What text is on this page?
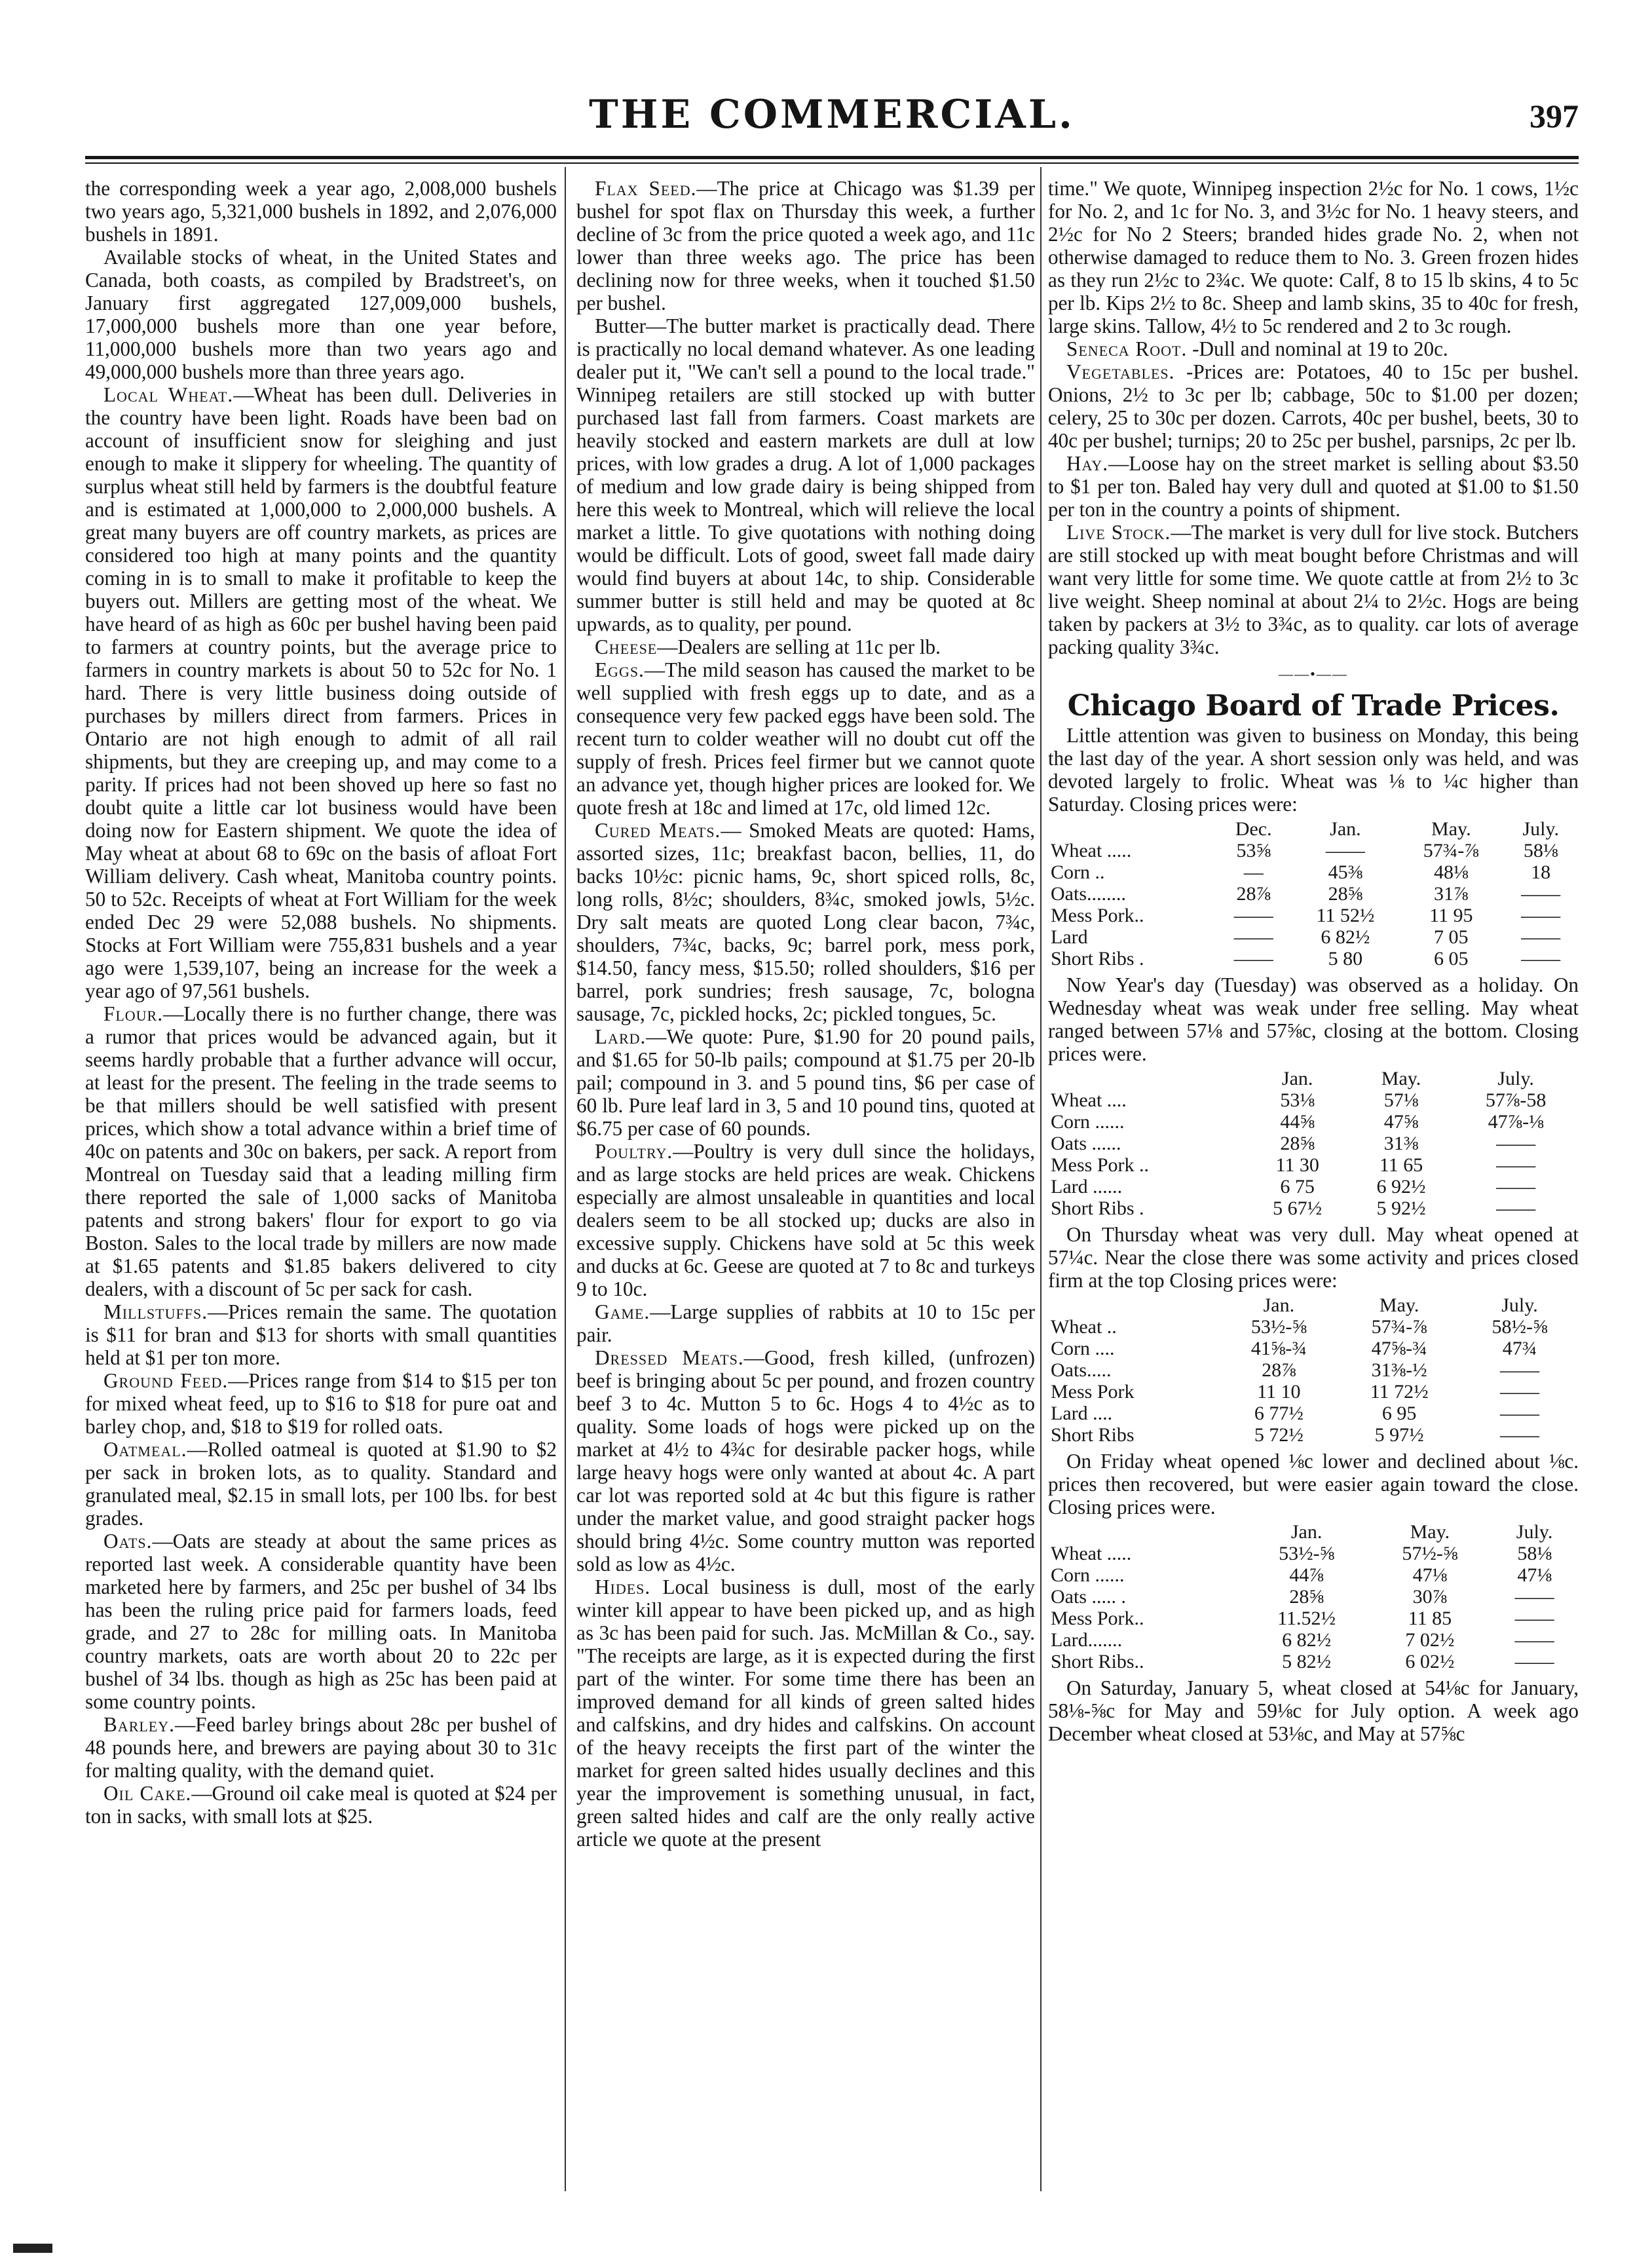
THE COMMERCIAL.	397

the corresponding week a year ago, 2,008,000 bushels two years ago, 5,321,000 bushels in 1892, and 2,076,000 bushels in 1891.

Available stocks of wheat, in the United States and Canada, both coasts, as compiled by Bradstreet's, on January first aggregated 127,009,000 bushels, 17,000,000 bushels more than one year before, 11,000,000 bushels more than two years ago and 49,000,000 bushels more than three years ago.

Local Wheat.—Wheat has been dull. Deliveries in the country have been light. Roads have been bad on account of insufficient snow for sleighing and just enough to make it slippery for wheeling. The quantity of surplus wheat still held by farmers is the doubtful feature and is estimated at 1,000,000 to 2,000,000 bushels. A great many buyers are off country markets, as prices are considered too high at many points and the quantity coming in is to small to make it profitable to keep the buyers out. Millers are getting most of the wheat. We have heard of as high as 60c per bushel having been paid to farmers at country points, but the average price to farmers in country markets is about 50 to 52c for No. 1 hard. There is very little business doing outside of purchases by millers direct from farmers. Prices in Ontario are not high enough to admit of all rail shipments, but they are creeping up, and may come to a parity. If prices had not been shoved up here so fast no doubt quite a little car lot business would have been doing now for Eastern shipment. We quote the idea of May wheat at about 68 to 69c on the basis of afloat Fort William delivery. Cash wheat, Manitoba country points. 50 to 52c. Receipts of wheat at Fort William for the week ended Dec 29 were 52,088 bushels. No shipments. Stocks at Fort William were 755,831 bushels and a year ago were 1,539,107, being an increase for the week a year ago of 97,561 bushels.

Flour.—Locally there is no further change, there was a rumor that prices would be advanced again, but it seems hardly probable that a further advance will occur, at least for the present. The feeling in the trade seems to be that millers should be well satisfied with present prices, which show a total advance within a brief time of 40c on patents and 30c on bakers, per sack. A report from Montreal on Tuesday said that a leading milling firm there reported the sale of 1,000 sacks of Manitoba patents and strong bakers' flour for export to go via Boston. Sales to the local trade by millers are now made at $1.65 patents and $1.85 bakers delivered to city dealers, with a discount of 5c per sack for cash.

Millstuffs.—Prices remain the same. The quotation is $11 for bran and $13 for shorts with small quantities held at $1 per ton more.

Ground Feed.—Prices range from $14 to $15 per ton for mixed wheat feed, up to $16 to $18 for pure oat and barley chop, and, $18 to $19 for rolled oats.

Oatmeal.—Rolled oatmeal is quoted at $1.90 to $2 per sack in broken lots, as to quality. Standard and granulated meal, $2.15 in small lots, per 100 lbs. for best grades.

Oats.—Oats are steady at about the same prices as reported last week. A considerable quantity have been marketed here by farmers, and 25c per bushel of 34 lbs has been the ruling price paid for farmers loads, feed grade, and 27 to 28c for milling oats. In Manitoba country markets, oats are worth about 20 to 22c per bushel of 34 lbs. though as high as 25c has been paid at some country points.

Barley.—Feed barley brings about 28c per bushel of 48 pounds here, and brewers are paying about 30 to 31c for malting quality, with the demand quiet.

Oil Cake.—Ground oil cake meal is quoted at $24 per ton in sacks, with small lots at $25.

Flax Seed.—The price at Chicago was $1.39 per bushel for spot flax on Thursday this week, a further decline of 3c from the price quoted a week ago, and 11c lower than three weeks ago. The price has been declining now for three weeks, when it touched $1.50 per bushel.

Butter—The butter market is practically dead. There is practically no local demand whatever. As one leading dealer put it, "We can't sell a pound to the local trade." Winnipeg retailers are still stocked up with butter purchased last fall from farmers. Coast markets are heavily stocked and eastern markets are dull at low prices, with low grades a drug. A lot of 1,000 packages of medium and low grade dairy is being shipped from here this week to Montreal, which will relieve the local market a little. To give quotations with nothing doing would be difficult. Lots of good, sweet fall made dairy would find buyers at about 14c, to ship. Considerable summer butter is still held and may be quoted at 8c upwards, as to quality, per pound.

Cheese—Dealers are selling at 11c per lb.

Eggs.—The mild season has caused the market to be well supplied with fresh eggs up to date, and as a consequence very few packed eggs have been sold. The recent turn to colder weather will no doubt cut off the supply of fresh. Prices feel firmer but we cannot quote an advance yet, though higher prices are looked for. We quote fresh at 18c and limed at 17c, old limed 12c.

Cured Meats.— Smoked Meats are quoted: Hams, assorted sizes, 11c; breakfast bacon, bellies, 11, do backs 10½c: picnic hams, 9c, short spiced rolls, 8c, long rolls, 8½c; shoulders, 8¾c, smoked jowls, 5½c. Dry salt meats are quoted Long clear bacon, 7¾c, shoulders, 7¾c, backs, 9c; barrel pork, mess pork, $14.50, fancy mess, $15.50; rolled shoulders, $16 per barrel, pork sundries; fresh sausage, 7c, bologna sausage, 7c, pickled hocks, 2c; pickled tongues, 5c.

Lard.—We quote: Pure, $1.90 for 20 pound pails, and $1.65 for 50-lb pails; compound at $1.75 per 20-lb pail; compound in 3. and 5 pound tins, $6 per case of 60 lb. Pure leaf lard in 3, 5 and 10 pound tins, quoted at $6.75 per case of 60 pounds.

Poultry.—Poultry is very dull since the holidays, and as large stocks are held prices are weak. Chickens especially are almost unsaleable in quantities and local dealers seem to be all stocked up; ducks are also in excessive supply. Chickens have sold at 5c this week and ducks at 6c. Geese are quoted at 7 to 8c and turkeys 9 to 10c.

Game.—Large supplies of rabbits at 10 to 15c per pair.

Dressed Meats.—Good, fresh killed, (unfrozen) beef is bringing about 5c per pound, and frozen country beef 3 to 4c. Mutton 5 to 6c. Hogs 4 to 4½c as to quality. Some loads of hogs were picked up on the market at 4½ to 4¾c for desirable packer hogs, while large heavy hogs were only wanted at about 4c. A part car lot was reported sold at 4c but this figure is rather under the market value, and good straight packer hogs should bring 4½c. Some country mutton was reported sold as low as 4½c.

Hides. Local business is dull, most of the early winter kill appear to have been picked up, and as high as 3c has been paid for such. Jas. McMillan & Co., say. "The receipts are large, as it is expected during the first part of the winter. For some time there has been an improved demand for all kinds of green salted hides and calfskins, and dry hides and calfskins. On account of the heavy receipts the first part of the winter the market for green salted hides usually declines and this year the improvement is something unusual, in fact, green salted hides and calf are the only really active article we quote at the present

time." We quote, Winnipeg inspection 2½c for No. 1 cows, 1½c for No. 2, and 1c for No. 3, and 3½c for No. 1 heavy steers, and 2½c for No 2 Steers; branded hides grade No. 2, when not otherwise damaged to reduce them to No. 3. Green frozen hides as they run 2½c to 2¾c. We quote: Calf, 8 to 15 lb skins, 4 to 5c per lb. Kips 2½ to 8c. Sheep and lamb skins, 35 to 40c for fresh, large skins. Tallow, 4½ to 5c rendered and 2 to 3c rough.

Seneca Root. -Dull and nominal at 19 to 20c.

Vegetables. -Prices are: Potatoes, 40 to 15c per bushel. Onions, 2½ to 3c per lb; cabbage, 50c to $1.00 per dozen; celery, 25 to 30c per dozen. Carrots, 40c per bushel, beets, 30 to 40c per bushel; turnips; 20 to 25c per bushel, parsnips, 2c per lb.

Hay.—Loose hay on the street market is selling about $3.50 to $1 per ton. Baled hay very dull and quoted at $1.00 to $1.50 per ton in the country a points of shipment.

Live Stock.—The market is very dull for live stock. Butchers are still stocked up with meat bought before Christmas and will want very little for some time. We quote cattle at from 2½ to 3c live weight. Sheep nominal at about 2¼ to 2½c. Hogs are being taken by packers at 3½ to 3¾c, as to quality. car lots of average packing quality 3¾c.

——•——
Chicago Board of Trade Prices.

Little attention was given to business on Monday, this being the last day of the year. A short session only was held, and was devoted largely to frolic. Wheat was ⅛ to ¼c higher than Saturday. Closing prices were:

	Dec.	Jan.	May.	July.
Wheat .....	53⅝	——	57¾-⅞	58⅛
Corn ..	—	45⅜	48⅛	18
Oats........	28⅞	28⅝	31⅞	——
Mess Pork..	——	11 52½	11 95	——
Lard	——	6 82½	7 05	——
Short Ribs .	——	5 80	6 05	——

Now Year's day (Tuesday) was observed as a holiday. On Wednesday wheat was weak under free selling. May wheat ranged between 57⅛ and 57⅝c, closing at the bottom. Closing prices were.

	Jan.	May.	July.
Wheat ....	53⅛	57⅛	57⅞-58
Corn ......	44⅝	47⅝	47⅞-⅛
Oats ......	28⅝	31⅜	——
Mess Pork ..	11 30	11 65	——
Lard ......	6 75	6 92½	——
Short Ribs .	5 67½	5 92½	——

On Thursday wheat was very dull. May wheat opened at 57¼c. Near the close there was some activity and prices closed firm at the top Closing prices were:

	Jan.	May.	July.
Wheat ..	53½-⅝	57¾-⅞	58½-⅝
Corn ....	41⅝-¾	47⅝-¾	47¾
Oats.....	28⅞	31⅜-½	——
Mess Pork	11 10	11 72½	——
Lard ....	6 77½	6 95	——
Short Ribs	5 72½	5 97½	——

On Friday wheat opened ⅛c lower and declined about ⅛c. prices then recovered, but were easier again toward the close. Closing prices were.

	Jan.	May.	July.
Wheat .....	53½-⅝	57½-⅝	58⅛
Corn ......	44⅞	47⅛	47⅛
Oats ..... .	28⅝	30⅞	——
Mess Pork..	11.52½	11 85	——
Lard.......	6 82½	7 02½	——
Short Ribs..	5 82½	6 02½	——

On Saturday, January 5, wheat closed at 54⅛c for January, 58⅛-⅝c for May and 59⅛c for July option. A week ago December wheat closed at 53⅛c, and May at 57⅝c
